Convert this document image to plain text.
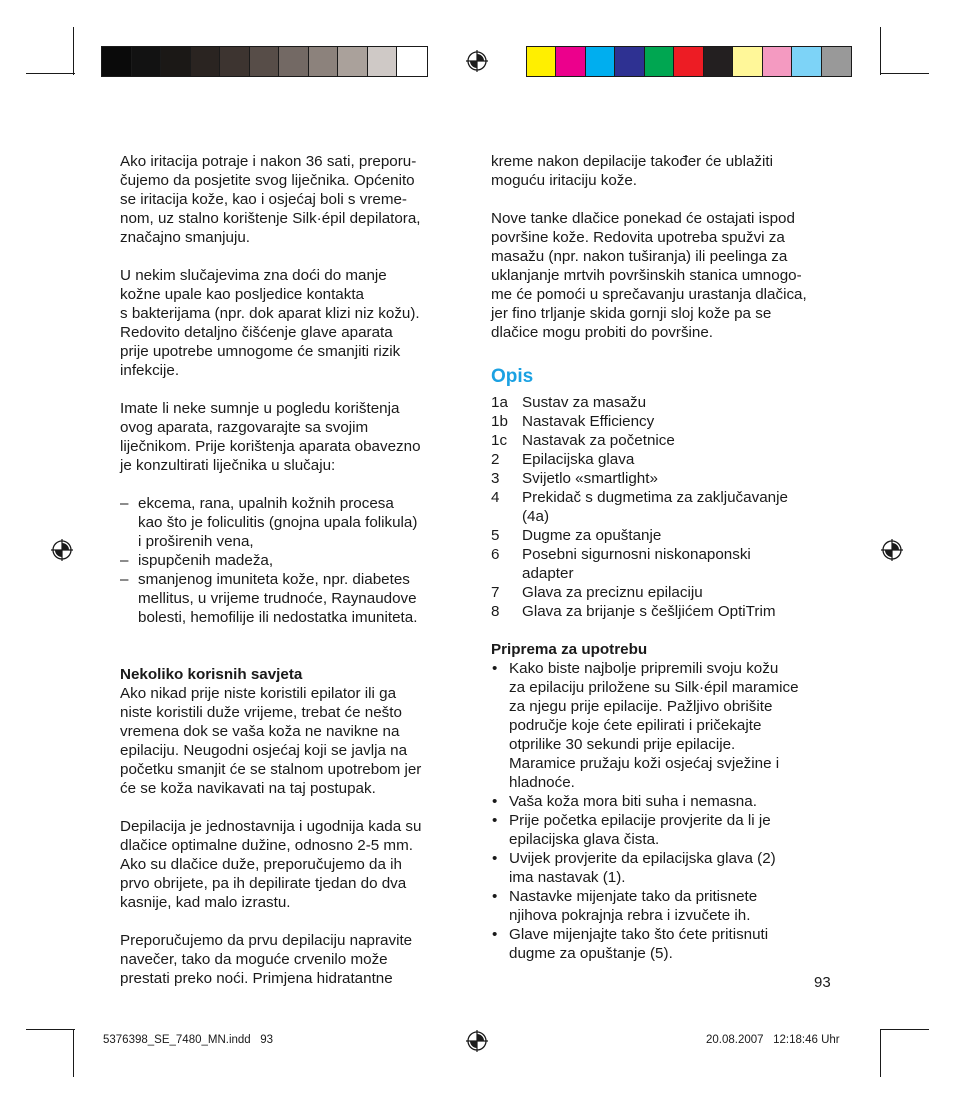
Ako iritacija potraje i nakon 36 sati, preporu-
čujemo da posjetite svog liječnika. Općenito
se iritacija kože, kao i osjećaj boli s vreme-
nom, uz stalno korištenje Silk·épil depilatora,
značajno smanjuju.

U nekim slučajevima zna doći do manje
kožne upale kao posljedice kontakta
s bakterijama (npr. dok aparat klizi niz kožu).
Redovito detaljno čišćenje glave aparata
prije upotrebe umnogome će smanjiti rizik
infekcije.

Imate li neke sumnje u pogledu korištenja
ovog aparata, razgovarajte sa svojim
liječnikom. Prije korištenja aparata obavezno
je konzultirati liječnika u slučaju:

– ekcema, rana, upalnih kožnih procesa
kao što je foliculitis (gnojna upala folikula)
i proširenih vena,
– ispupčenih madeža,
– smanjenog imuniteta kože, npr. diabetes
mellitus, u vrijeme trudnoće, Raynaudove
bolesti, hemofilije ili nedostatka imuniteta.

Nekoliko korisnih savjeta

Ako nikad prije niste koristili epilator ili ga
niste koristili duže vrijeme, trebat će nešto
vremena dok se vaša koža ne navikne na
epilaciju. Neugodni osjećaj koji se javlja na
početku smanjit će se stalnom upotrebom jer
će se koža navikavati na taj postupak.

Depilacija je jednostavnija i ugodnija kada su
dlačice optimalne dužine, odnosno 2-5 mm.
Ako su dlačice duže, preporučujemo da ih
prvo obrijete, pa ih depilirate tjedan do dva
kasnije, kad malo izrastu.

Preporučujemo da prvu depilaciju napravite
navečer, tako da moguće crvenilo može
prestati preko noći. Primjena hidratantne

kreme nakon depilacije također će ublažiti
moguću iritaciju kože.

Nove tanke dlačice ponekad će ostajati ispod
površine kože. Redovita upotreba spužvi za
masažu (npr. nakon tuširanja) ili peelinga za
uklanjanje mrtvih površinskih stanica umnogo-
me će pomoći u sprečavanju urastanja dlačica,
jer fino trljanje skida gornji sloj kože pa se
dlačice mogu probiti do površine.

Opis
1a Sustav za masažu
1b Nastavak Efficiency
1c Nastavak za početnice
2 Epilacijska glava
3 Svijetlo «smartlight»
4 Prekidač s dugmetima za zaključavanje
(4a)
5 Dugme za opuštanje
6 Posebni sigurnosni niskonaponski
adapter
7 Glava za preciznu epilaciju
8 Glava za brijanje s češljićem OptiTrim

Priprema za upotrebu

• Kako biste najbolje pripremili svoju kožu
za epilaciju priložene su Silk·épil maramice
za njegu prije epilacije. Pažljivo obrišite
područje koje ćete epilirati i pričekajte
otprilike 30 sekundi prije epilacije.
Maramice pružaju koži osjećaj svježine i
hladnoće.
• Vaša koža mora biti suha i nemasna.
• Prije početka epilacije provjerite da li je
epilacijska glava čista.
• Uvijek provjerite da epilacijska glava (2)
ima nastavak (1).
• Nastavke mijenjate tako da pritisnete
njihova pokrajnja rebra i izvučete ih.
• Glave mijenjajte tako što ćete pritisnuti
dugme za opuštanje (5).
93
5376398_SE_7480_MN.indd   93	20.08.2007   12:18:46 Uhr
